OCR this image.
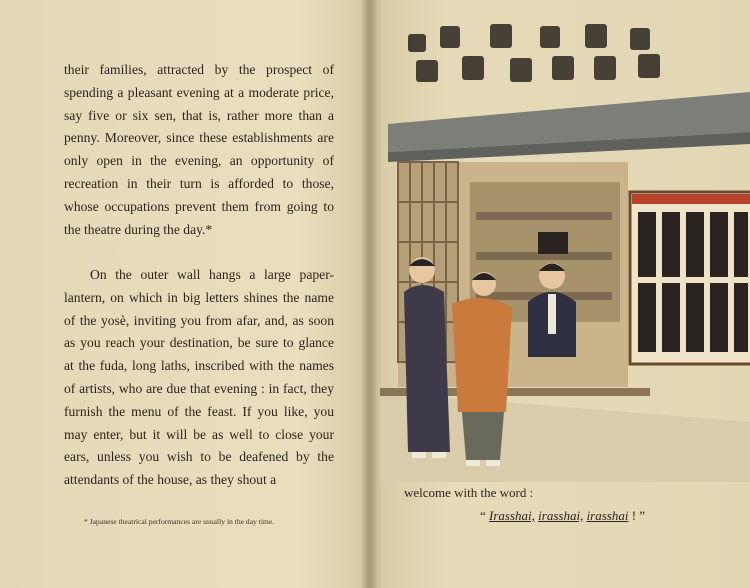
their families, attracted by the prospect of spending a pleasant evening at a moderate price, say five or six sen, that is, rather more than a penny. Moreover, since these establishments are only open in the evening, an opportunity of recreation in their turn is afforded to those, whose occupations prevent them from going to the theatre during the day.*

On the outer wall hangs a large paper-lantern, on which in big letters shines the name of the yosè, inviting you from afar, and, as soon as you reach your destination, be sure to glance at the fuda, long laths, inscribed with the names of artists, who are due that evening : in fact, they furnish the menu of the feast. If you like, you may enter, but it will be as well to close your ears, unless you wish to be deafened by the attendants of the house, as they shout a

* Japanese theatrical performances are usually in the day time.

welcome with the word :
“ Irasshai, irasshai, irasshai ! ”
